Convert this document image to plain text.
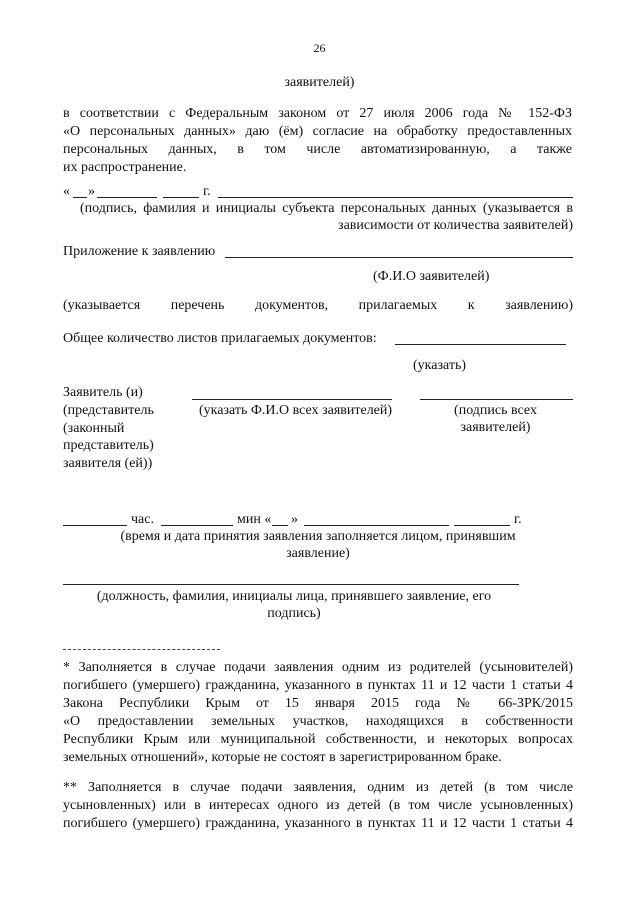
26
заявителей)
в соответствии с Федеральным законом от 27 июля 2006 года № 152-ФЗ
«О персональных данных» даю (ём) согласие на обработку предоставленных
персональных данных, в том числе автоматизированную, а также
их распространение.
« »	г.
(подпись, фамилия и инициалы субъекта персональных данных (указывается в
зависимости от количества заявителей)
Приложение к заявлению
(Ф.И.О заявителей)
(указывается перечень документов, прилагаемых к заявлению)
Общее количество листов прилагаемых документов:
(указать)
Заявитель (и)
(представитель
(законный
представитель)
заявителя (ей))
(указать Ф.И.О всех заявителей)	(подпись всех
заявителей)
час.	мин « »	г.
(время и дата принятия заявления заполняется лицом, принявшим
заявление)
(должность, фамилия, инициалы лица, принявшего заявление, его
подпись)
* Заполняется в случае подачи заявления одним из родителей (усыновителей)
погибшего (умершего) гражданина, указанного в пунктах 11 и 12 части 1 статьи 4
Закона Республики Крым от 15 января 2015 года № 66-ЗРК/2015
«О предоставлении земельных участков, находящихся в собственности
Республики Крым или муниципальной собственности, и некоторых вопросах
земельных отношений», которые не состоят в зарегистрированном браке.
** Заполняется в случае подачи заявления, одним из детей (в том числе
усыновленных) или в интересах одного из детей (в том числе усыновленных)
погибшего (умершего) гражданина, указанного в пунктах 11 и 12 части 1 статьи 4
